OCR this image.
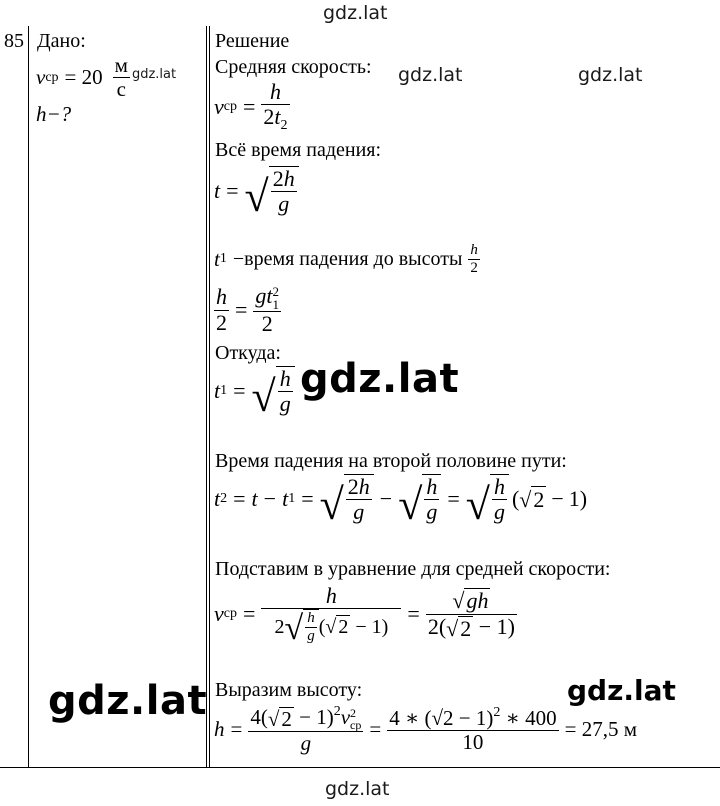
gdz.lat
gdz.lat	gdz.lat
gdz.lat
gdz.lat	gdz.lat
gdz.lat
85 Дано:
v ср = $20 \frac{м}{с} gdz.lat$
h−?
Решение
Средняя скорость:
v ср = $\frac{h}{2t_2}$
Всё время падения:
t = √ $\frac{2h}{g}$
t 1 −время падения до высоты $\frac{h}{2}$
$\frac{h}{2}$ = gt 2
1
2
Откуда:
t 1 = √ $\frac{h}{g}$
Время падения на второй половине пути:
t 2 = t − t 1 = √ $\frac{2h}{g}$ − √ $\frac{h}{g}$ = √ $\frac{h}{g}$ ( √ 2 − 1)
Подставим в уравнение для средней скорости:
v ср = $\frac{h}{2 √ \frac{h}{g} ( √ 2 - 1)} = \frac{√ gh}{2( √ 2 - 1)}$
Выразим высоту:
h = 4( √ 2 − 1)$^2$v 2
ср
$g = \frac{4 ∗ (√2 - 1)^2 ∗ 400}{10} = 27,5$ м
